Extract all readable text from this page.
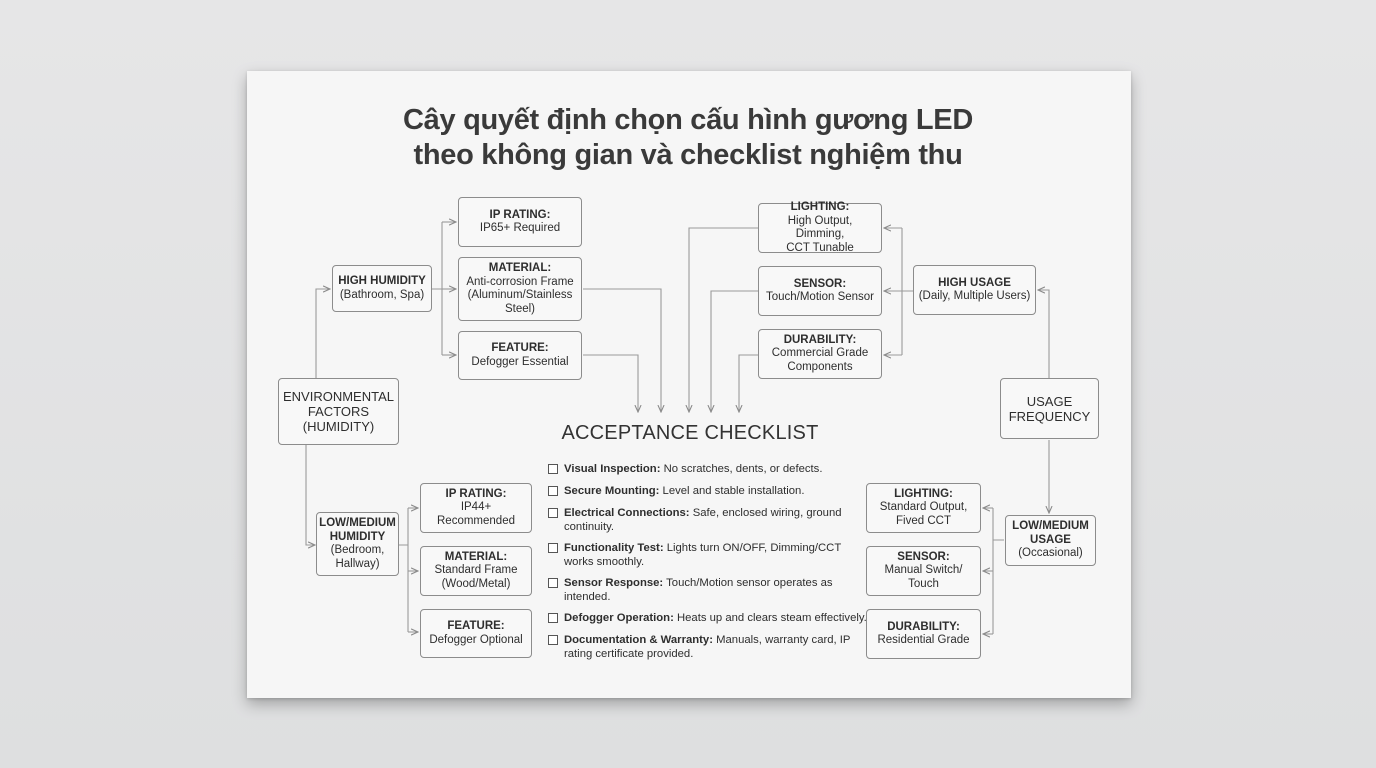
Cây quyết định chọn cấu hình gương LED
theo không gian và checklist nghiệm thu
ENVIRONMENTAL
FACTORS
(HUMIDITY)
HIGH HUMIDITY
(Bathroom, Spa)
IP RATING:
IP65+ Required
MATERIAL:
Anti-corrosion Frame
(Aluminum/Stainless
Steel)
FEATURE:
Defogger Essential
LOW/MEDIUM
HUMIDITY
(Bedroom,
Hallway)
IP RATING:
IP44+ Recommended
MATERIAL:
Standard Frame
(Wood/Metal)
FEATURE:
Defogger Optional
LIGHTING:
High Output, Dimming,
CCT Tunable
SENSOR:
Touch/Motion Sensor
DURABILITY:
Commercial Grade
Components
HIGH USAGE
(Daily, Multiple Users)
USAGE
FREQUENCY
LOW/MEDIUM
USAGE
(Occasional)
LIGHTING:
Standard Output,
Fived CCT
SENSOR:
Manual Switch/
Touch
DURABILITY:
Residential Grade
ACCEPTANCE CHECKLIST
Visual Inspection: No scratches, dents, or defects.
Secure Mounting: Level and stable installation.
Electrical Connections: Safe, enclosed wiring, ground continuity.
Functionality Test: Lights turn ON/OFF, Dimming/CCT works smoothly.
Sensor Response: Touch/Motion sensor operates as intended.
Defogger Operation: Heats up and clears steam effectively.
Documentation & Warranty: Manuals, warranty card, IP rating certificate provided.
